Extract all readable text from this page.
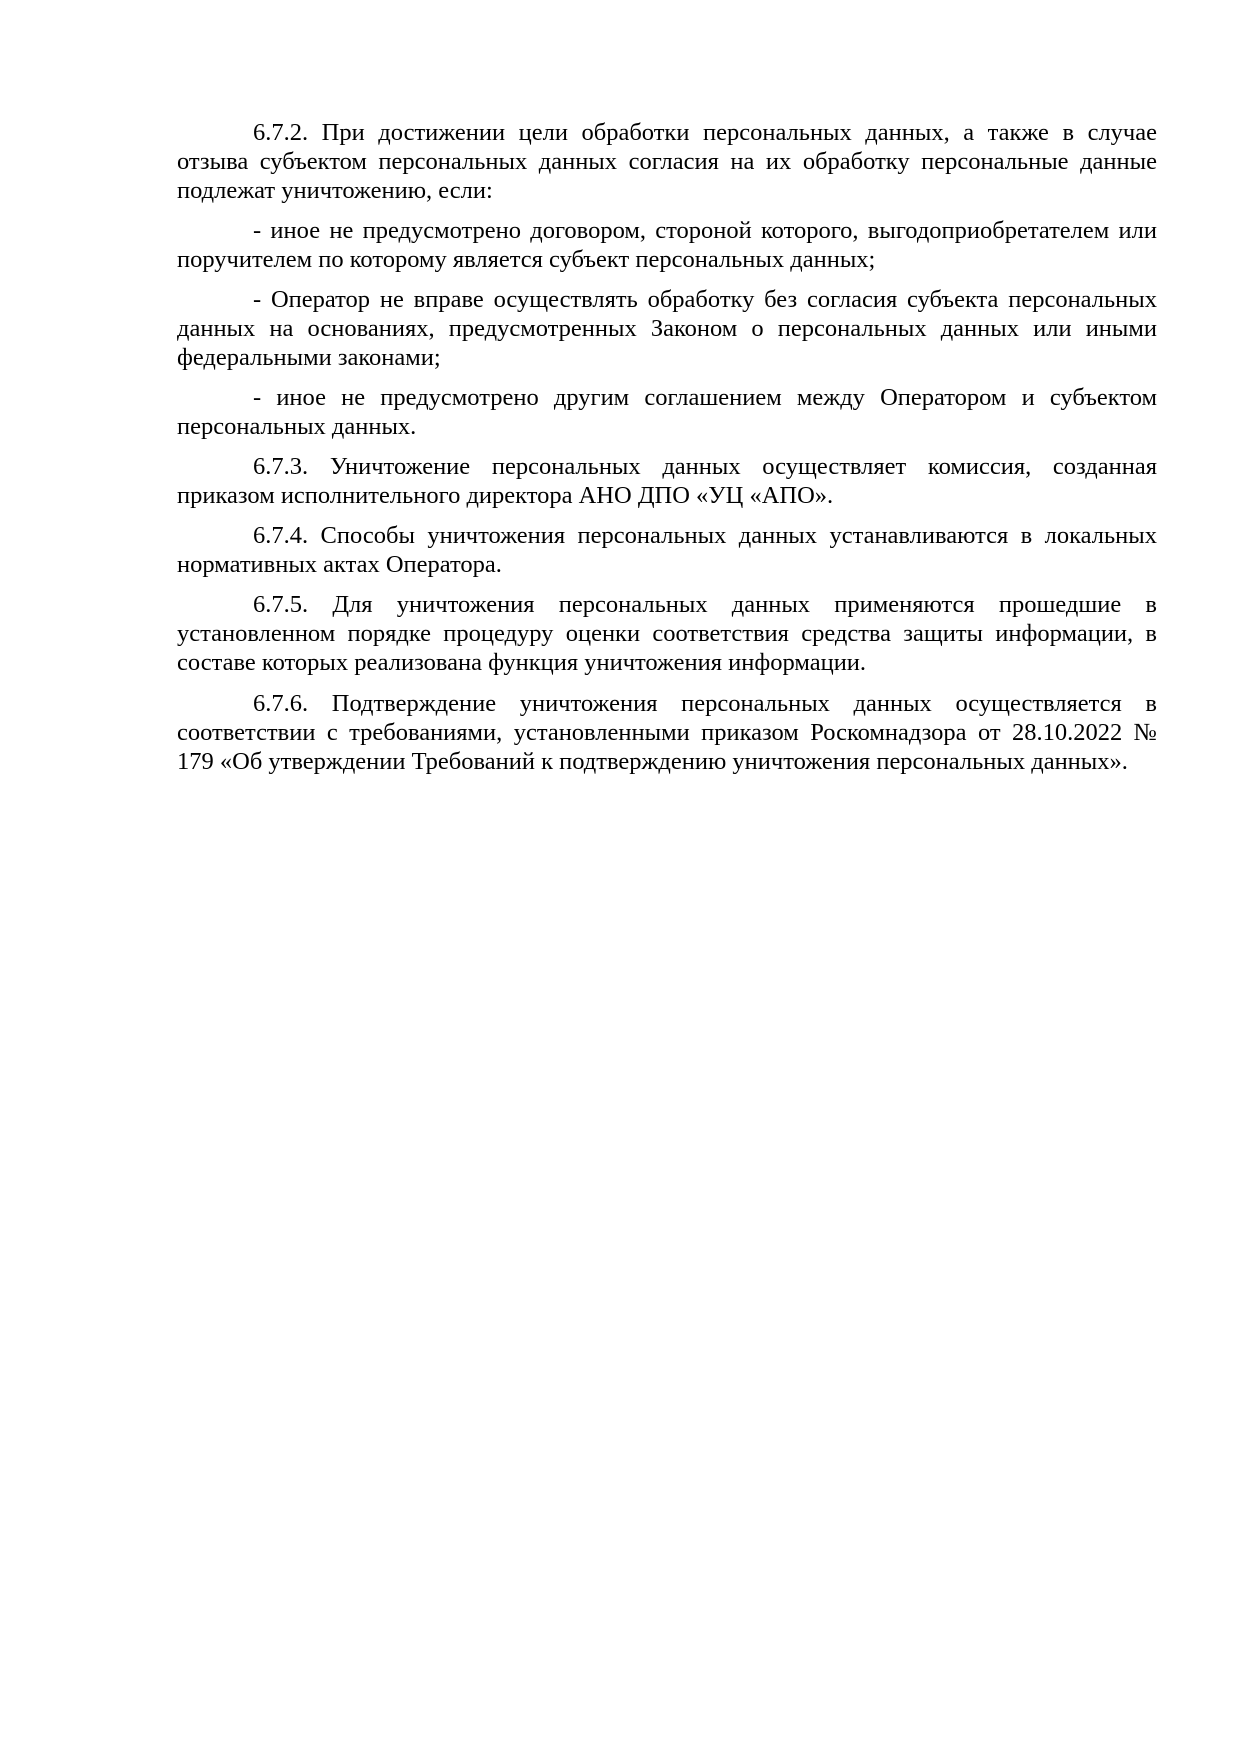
6.7.2. При достижении цели обработки персональных данных, а также в случае отзыва субъектом персональных данных согласия на их обработку персональные данные подлежат уничтожению, если:

- иное не предусмотрено договором, стороной которого, выгодоприобретателем или поручителем по которому является субъект персональных данных;

- Оператор не вправе осуществлять обработку без согласия субъекта персональных данных на основаниях, предусмотренных Законом о персональных данных или иными федеральными законами;

- иное не предусмотрено другим соглашением между Оператором и субъектом персональных данных.

6.7.3. Уничтожение персональных данных осуществляет комиссия, созданная приказом исполнительного директора АНО ДПО «УЦ «АПО».

6.7.4. Способы уничтожения персональных данных устанавливаются в локальных нормативных актах Оператора.

6.7.5. Для уничтожения персональных данных применяются прошедшие в установленном порядке процедуру оценки соответствия средства защиты информации, в составе которых реализована функция уничтожения информации.

6.7.6. Подтверждение уничтожения персональных данных осуществляется в соответствии с требованиями, установленными приказом Роскомнадзора от 28.10.2022 № 179 «Об утверждении Требований к подтверждению уничтожения персональных данных».
